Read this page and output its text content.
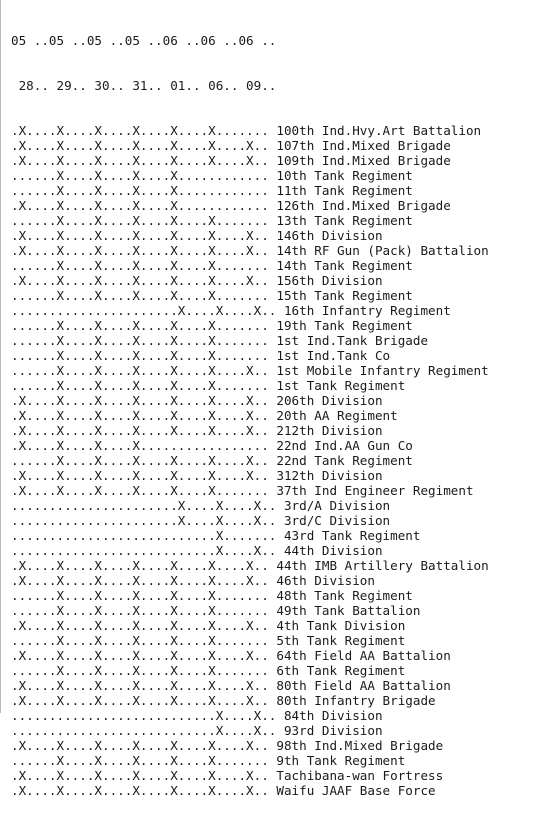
05 ..05 ..05 ..05 ..06 ..06 ..06 ..

28.. 29.. 30.. 31.. 01.. 06.. 09..

.X....X....X....X....X....X....... 100th Ind.Hvy.Art Battalion
.X....X....X....X....X....X....X.. 107th Ind.Mixed Brigade
.X....X....X....X....X....X....X.. 109th Ind.Mixed Brigade
......X....X....X....X............ 10th Tank Regiment
......X....X....X....X............ 11th Tank Regiment
.X....X....X....X....X............ 126th Ind.Mixed Brigade
......X....X....X....X....X....... 13th Tank Regiment
.X....X....X....X....X....X....X.. 146th Division
.X....X....X....X....X....X....X.. 14th RF Gun (Pack) Battalion
......X....X....X....X....X....... 14th Tank Regiment
.X....X....X....X....X....X....X.. 156th Division
......X....X....X....X....X....... 15th Tank Regiment
......................X....X....X.. 16th Infantry Regiment
......X....X....X....X....X....... 19th Tank Regiment
......X....X....X....X....X....... 1st Ind.Tank Brigade
......X....X....X....X....X....... 1st Ind.Tank Co
......X....X....X....X....X....X.. 1st Mobile Infantry Regiment
......X....X....X....X....X....... 1st Tank Regiment
.X....X....X....X....X....X....X.. 206th Division
.X....X....X....X....X....X....X.. 20th AA Regiment
.X....X....X....X....X....X....X.. 212th Division
.X....X....X....X................. 22nd Ind.AA Gun Co
......X....X....X....X....X....X.. 22nd Tank Regiment
.X....X....X....X....X....X....X.. 312th Division
.X....X....X....X....X....X....... 37th Ind Engineer Regiment
......................X....X....X.. 3rd/A Division
......................X....X....X.. 3rd/C Division
...........................X....... 43rd Tank Regiment
...........................X....X.. 44th Division
.X....X....X....X....X....X....X.. 44th IMB Artillery Battalion
.X....X....X....X....X....X....X.. 46th Division
......X....X....X....X....X....... 48th Tank Regiment
......X....X....X....X....X....... 49th Tank Battalion
.X....X....X....X....X....X....X.. 4th Tank Division
......X....X....X....X....X....... 5th Tank Regiment
.X....X....X....X....X....X....X.. 64th Field AA Battalion
......X....X....X....X....X....... 6th Tank Regiment
.X....X....X....X....X....X....X.. 80th Field AA Battalion
.X....X....X....X....X....X....X.. 80th Infantry Brigade
...........................X....X.. 84th Division
...........................X....X.. 93rd Division
.X....X....X....X....X....X....X.. 98th Ind.Mixed Brigade
......X....X....X....X....X....... 9th Tank Regiment
.X....X....X....X....X....X....X.. Tachibana-wan Fortress
.X....X....X....X....X....X....X.. Waifu JAAF Base Force
